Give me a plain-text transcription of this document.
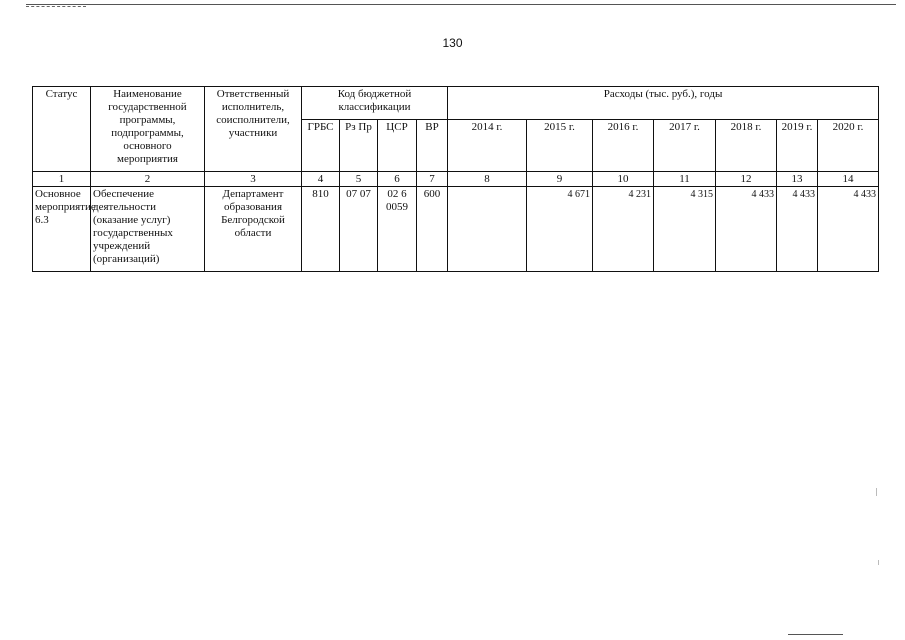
130
Статус	Наименование государственной программы, подпрограммы, основного мероприятия	Ответственный исполнитель, соисполнители, участники	Код бюджетной классификации				Расходы (тыс. руб.), годы						
			ГРБС	Рз Пр	ЦСР	ВР	2014 г.	2015 г.	2016 г.	2017 г.	2018 г.	2019 г.	2020 г.
1	2	3	4	5	6	7	8	9	10	11	12	13	14
Основное мероприятие 6.3	Обеспечение деятельности (оказание услуг) государственных учреждений (организаций)	Департамент образования Белгородской области	810	07 07	02 6 0059	600		4 671	4 231	4 315	4 433	4 433	4 433
